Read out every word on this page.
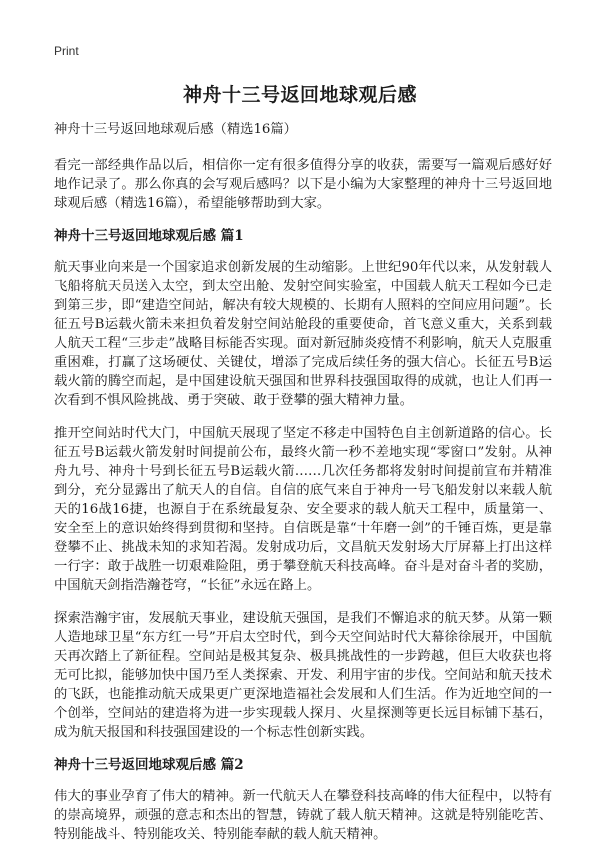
Print
神舟十三号返回地球观后感

神舟十三号返回地球观后感（精选16篇）

看完一部经典作品以后，相信你一定有很多值得分享的收获，需要写一篇观后感好好地作记录了。那么你真的会写观后感吗？以下是小编为大家整理的神舟十三号返回地球观后感（精选16篇），希望能够帮助到大家。

神舟十三号返回地球观后感 篇1

航天事业向来是一个国家追求创新发展的生动缩影。上世纪90年代以来，从发射载人飞船将航天员送入太空，到太空出舱、发射空间实验室，中国载人航天工程如今已走到第三步，即“建造空间站，解决有较大规模的、长期有人照料的空间应用问题”。长征五号B运载火箭未来担负着发射空间站舱段的重要使命，首飞意义重大，关系到载人航天工程“三步走”战略目标能否实现。面对新冠肺炎疫情不利影响，航天人克服重重困难，打赢了这场硬仗、关键仗，增添了完成后续任务的强大信心。长征五号B运载火箭的腾空而起，是中国建设航天强国和世界科技强国取得的成就，也让人们再一次看到不惧风险挑战、勇于突破、敢于登攀的强大精神力量。

推开空间站时代大门，中国航天展现了坚定不移走中国特色自主创新道路的信心。长征五号B运载火箭发射时间提前公布，最终火箭一秒不差地实现“零窗口”发射。从神舟九号、神舟十号到长征五号B运载火箭……几次任务都将发射时间提前宣布并精准到分，充分显露出了航天人的自信。自信的底气来自于神舟一号飞船发射以来载人航天的16战16捷，也源自于在系统最复杂、安全要求的载人航天工程中，质量第一、安全至上的意识始终得到贯彻和坚持。自信既是靠“十年磨一剑”的千锤百炼，更是靠登攀不止、挑战未知的求知若渴。发射成功后，文昌航天发射场大厅屏幕上打出这样一行字：敢于战胜一切艰难险阻，勇于攀登航天科技高峰。奋斗是对奋斗者的奖励，中国航天剑指浩瀚苍穹，“长征”永远在路上。

探索浩瀚宇宙，发展航天事业，建设航天强国，是我们不懈追求的航天梦。从第一颗人造地球卫星“东方红一号”开启太空时代，到今天空间站时代大幕徐徐展开，中国航天再次踏上了新征程。空间站是极其复杂、极具挑战性的一步跨越，但巨大收获也将无可比拟，能够加快中国乃至人类探索、开发、利用宇宙的步伐。空间站和航天技术的飞跃，也能推动航天成果更广更深地造福社会发展和人们生活。作为近地空间的一个创举，空间站的建造将为进一步实现载人探月、火星探测等更长远目标铺下基石，成为航天报国和科技强国建设的一个标志性创新实践。

神舟十三号返回地球观后感 篇2

伟大的事业孕育了伟大的精神。新一代航天人在攀登科技高峰的伟大征程中，以特有的崇高境界，顽强的意志和杰出的智慧，铸就了载人航天精神。这就是特别能吃苦、特别能战斗、特别能攻关、特别能奉献的载人航天精神。
